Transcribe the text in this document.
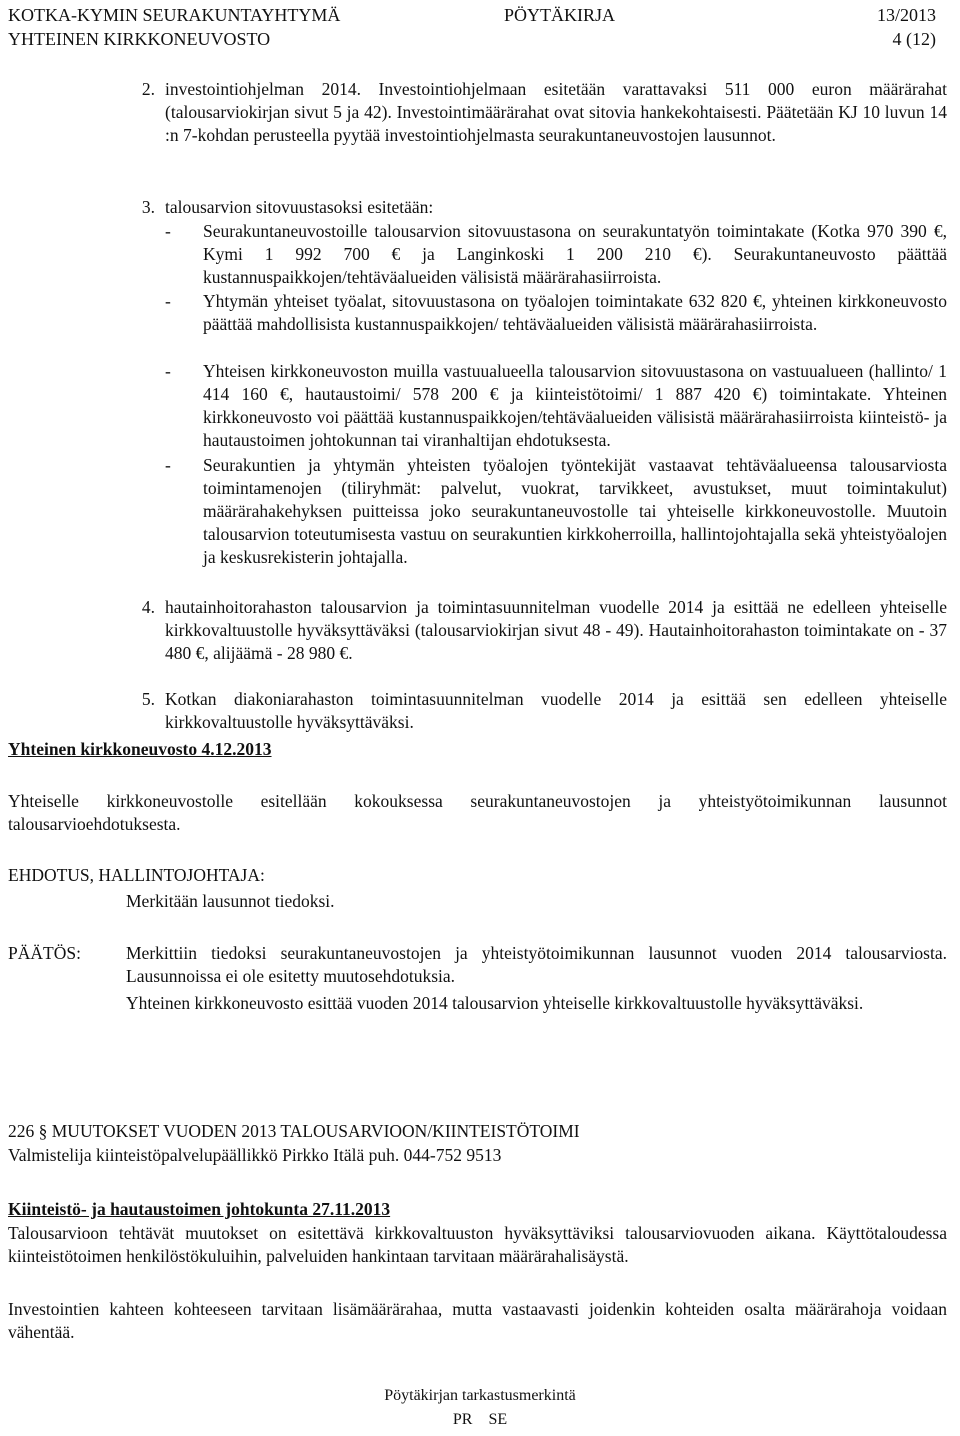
KOTKA-KYMIN SEURAKUNTAYHTYMÄ	PÖYTÄKIRJA	13/2013
YHTEINEN KIRKKONEUVOSTO	4 (12)
2. investointiohjelman 2014. Investointiohjelmaan esitetään varattavaksi 511 000 euron määrärahat (talousarviokirjan sivut 5 ja 42). Investointimäärärahat ovat sitovia hankekohtaisesti. Päätetään KJ 10 luvun 14 :n 7-kohdan perusteella pyytää investointiohjelmasta seurakuntaneuvostojen lausunnot.
3. talousarvion sitovuustasoksi esitetään:
- Seurakuntaneuvostoille talousarvion sitovuustasona on seurakuntatyön toimintakate (Kotka 970 390 €, Kymi 1 992 700 € ja Langinkoski 1 200 210 €). Seurakuntaneuvosto päättää kustannuspaikkojen/tehtäväalueiden välisistä määrärahasiirroista.
- Yhtymän yhteiset työalat, sitovuustasona on työalojen toimintakate 632 820 €, yhteinen kirkkoneuvosto päättää mahdollisista kustannuspaikkojen/ tehtäväalueiden välisistä määrärahasiirroista.
- Yhteisen kirkkoneuvoston muilla vastuualueella talousarvion sitovuustasona on vastuualueen (hallinto/ 1 414 160 €, hautaustoimi/ 578 200 € ja kiinteistötoimi/ 1 887 420 €) toimintakate. Yhteinen kirkkoneuvosto voi päättää kustannuspaikkojen/tehtäväalueiden välisistä määrärahasiirroista kiinteistö- ja hautaustoimen johtokunnan tai viranhaltijan ehdotuksesta.
- Seurakuntien ja yhtymän yhteisten työalojen työntekijät vastaavat tehtäväalueensa talousarviosta toimintamenojen (tiliryhmät: palvelut, vuokrat, tarvikkeet, avustukset, muut toimintakulut) määrärahakehyksen puitteissa joko seurakuntaneuvostolle tai yhteiselle kirkkoneuvostolle. Muutoin talousarvion toteutumisesta vastuu on seurakuntien kirkkoherroilla, hallintojohtajalla sekä yhteistyöalojen ja keskusrekisterin johtajalla.
4. hautainhoitorahaston talousarvion ja toimintasuunnitelman vuodelle 2014 ja esittää ne edelleen yhteiselle kirkkovaltuustolle hyväksyttäväksi (talousarviokirjan sivut 48 - 49). Hautainhoitorahaston toimintakate on - 37 480 €, alijäämä - 28 980 €.
5. Kotkan diakoniarahaston toimintasuunnitelman vuodelle 2014 ja esittää sen edelleen yhteiselle kirkkovaltuustolle hyväksyttäväksi.
Yhteinen kirkkoneuvosto 4.12.2013
Yhteiselle kirkkoneuvostolle esitellään kokouksessa seurakuntaneuvostojen ja yhteistyötoimikunnan lausunnot talousarvioehdotuksesta.
EHDOTUS, HALLINTOJOHTAJA:
Merkitään lausunnot tiedoksi.
PÄÄTÖS:	Merkittiin tiedoksi seurakuntaneuvostojen ja yhteistyötoimikunnan lausunnot vuoden 2014 talousarviosta. Lausunnoissa ei ole esitetty muutosehdotuksia.
Yhteinen kirkkoneuvosto esittää vuoden 2014 talousarvion yhteiselle kirkkovaltuustolle hyväksyttäväksi.
226 § MUUTOKSET VUODEN 2013 TALOUSARVIOON/KIINTEISTÖTOIMI
Valmistelija kiinteistöpalvelupäällikkö Pirkko Itälä puh. 044-752 9513
Kiinteistö- ja hautaustoimen johtokunta 27.11.2013
Talousarvioon tehtävät muutokset on esitettävä kirkkovaltuuston hyväksyttäviksi talousarviovuoden aikana. Käyttötaloudessa kiinteistötoimen henkilöstökuluihin, palveluiden hankintaan tarvitaan määrärahalisäystä.
Investointien kahteen kohteeseen tarvitaan lisämäärärahaa, mutta vastaavasti joidenkin kohteiden osalta määrärahoja voidaan vähentää.
Pöytäkirjan tarkastusmerkintä
PR    SE
